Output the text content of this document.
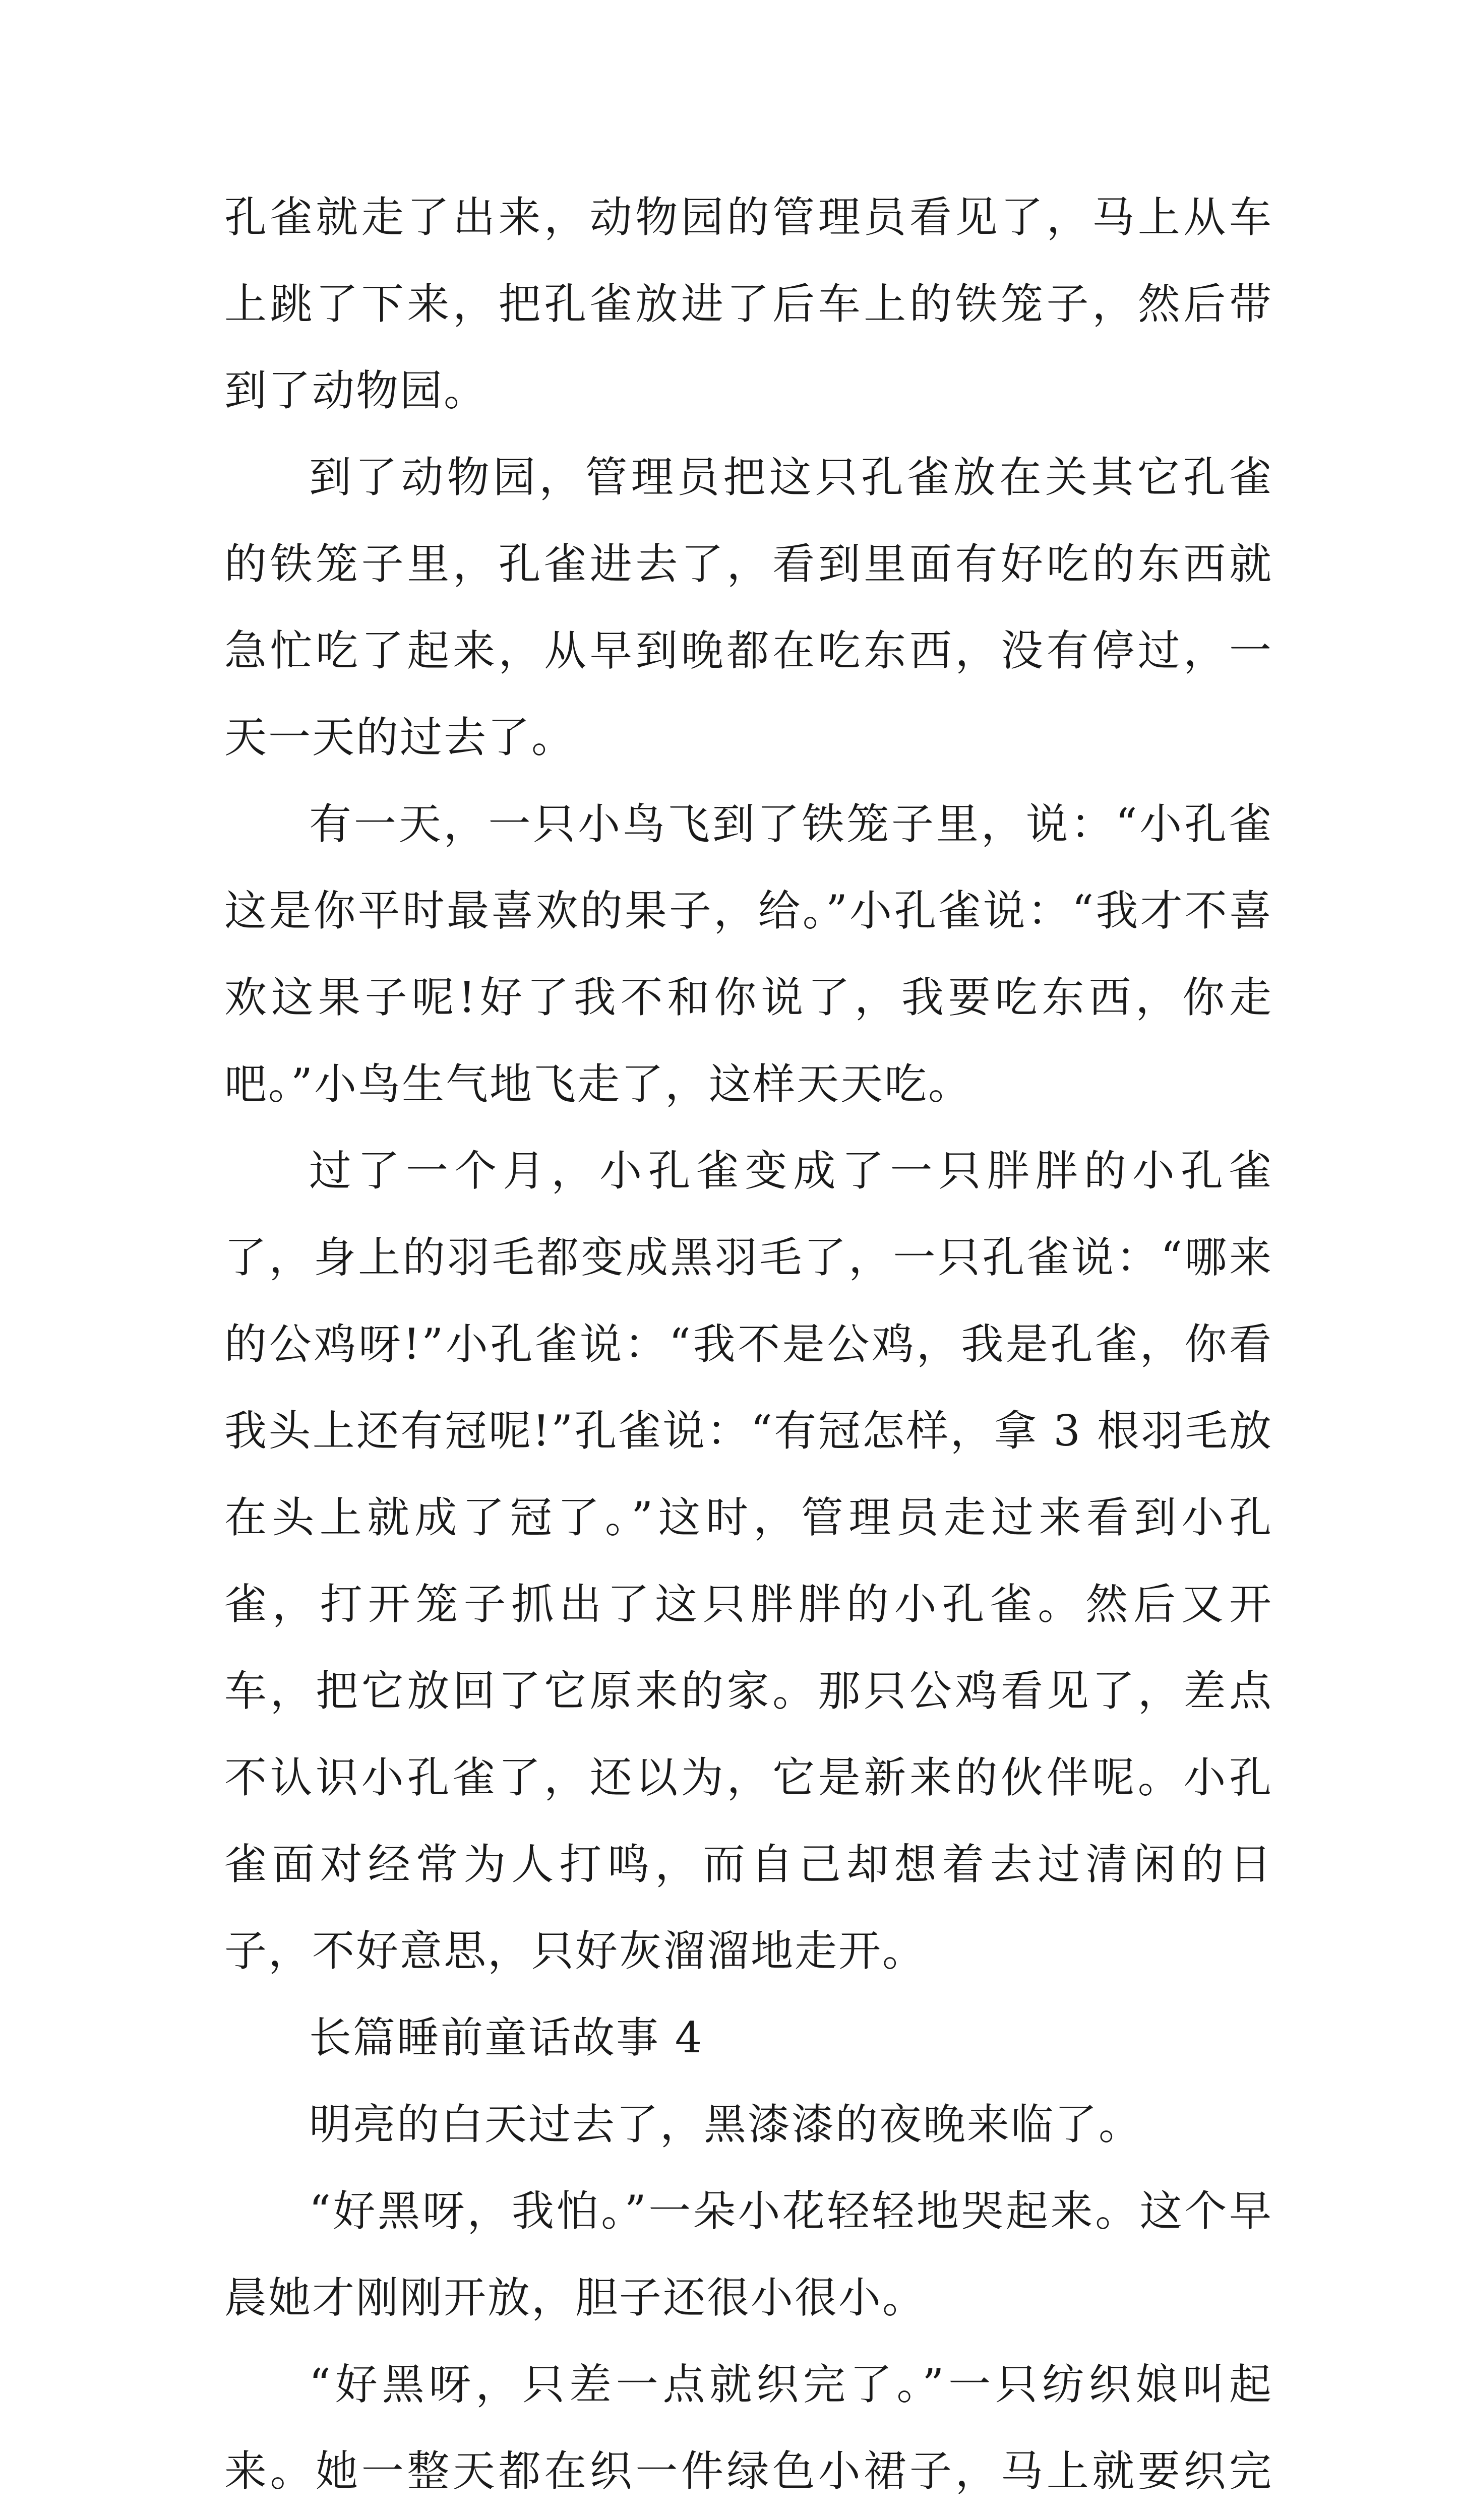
孔雀就走了出来，动物园的管理员看见了，马上从车上跳了下来，把孔雀放进了后车上的铁笼子，然后带到了动物园。

到了动物园，管理员把这只孔雀放在关其它孔雀的铁笼子里，孔雀进去了，看到里面有好吃的东西就急忙吃了起来，从早到晚都在吃东西，没有停过，一天一天的过去了。

有一天，一只小鸟飞到了铁笼子里，说：“小孔雀这是你平时最喜欢的果子，给。”小孔雀说：“我才不喜欢这果子呢!好了我不和你说了，我要吃东西，你走吧。”小鸟生气地飞走了，这样天天吃。

过了一个月，小孔雀变成了一只胖胖的小孔雀了，身上的羽毛都变成黑羽毛了，一只孔雀说：“哪来的公鸡呀!”小孔雀说：“我不是公鸡，我是孔雀，你看我头上还有冠呢!”孔雀说：“有冠怎样，拿 3 根羽毛放在头上就成了冠了。”这时，管理员走过来看到小孔雀，打开笼子抓出了这只胖胖的小孔雀。然后又开车，把它放回了它原来的家。那只公鸡看见了，差点不认识小孔雀了，还以为，它是新来的伙伴呢。小孔雀面对经常为人打鸣，而自己却想着去过清闲的日子，不好意思，只好灰溜溜地走开。

长篇睡前童话故事 4

明亮的白天过去了，黑漆漆的夜晚来临了。

“好黑呀，我怕。”一朵小花轻轻地哭起来。这个早晨她才刚刚开放，胆子还很小很小。

“好黑呀，只差一点就织完了。”一只纺织娘叫起来。她一整天都在织一件绿色小裙子，马上就要织完
